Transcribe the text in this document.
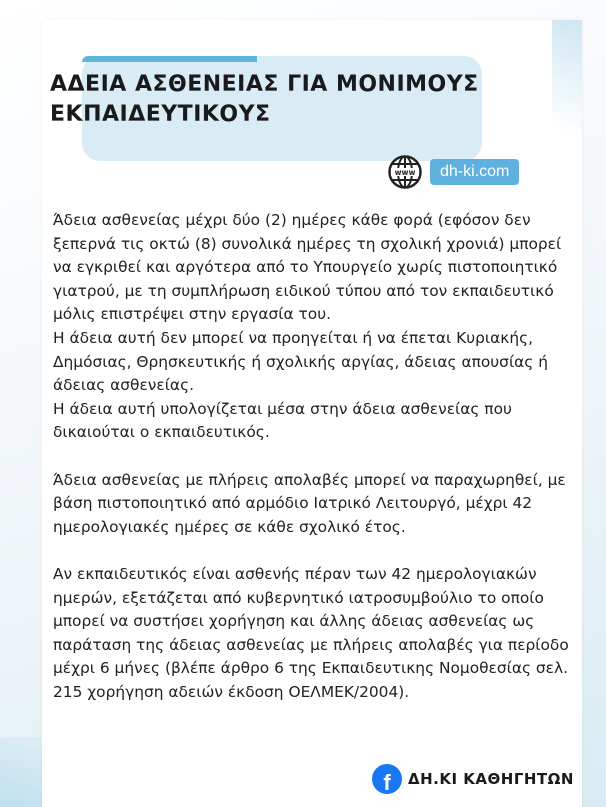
ΑΔΕΙΑ ΑΣΘΕΝΕΙΑΣ ΓΙΑ ΜΟΝΙΜΟΥΣ ΕΚΠΑΙΔΕΥΤΙΚΟΥΣ
www	dh-ki.com

Άδεια ασθενείας μέχρι δύο (2) ημέρες κάθε φορά (εφόσον δεν ξεπερνά τις οκτώ (8) συνολικά ημέρες τη σχολική χρονιά) μπορεί να εγκριθεί και αργότερα από το Υπουργείο χωρίς πιστοποιητικό γιατρού, με τη συμπλήρωση ειδικού τύπου από τον εκπαιδευτικό μόλις επιστρέψει στην εργασία του.

Η άδεια αυτή δεν μπορεί να προηγείται ή να έπεται Κυριακής, Δημόσιας, Θρησκευτικής ή σχολικής αργίας, άδειας απουσίας ή άδειας ασθενείας.

Η άδεια αυτή υπολογίζεται μέσα στην άδεια ασθενείας που δικαιούται ο εκπαιδευτικός.

Άδεια ασθενείας με πλήρεις απολαβές μπορεί να παραχωρηθεί, με βάση πιστοποιητικό από αρμόδιο Ιατρικό Λειτουργό, μέχρι 42 ημερολογιακές ημέρες σε κάθε σχολικό έτος.

Αν εκπαιδευτικός είναι ασθενής πέραν των 42 ημερολογιακών ημερών, εξετάζεται από κυβερνητικό ιατροσυμβούλιο το οποίο μπορεί να συστήσει χορήγηση και άλλης άδειας ασθενείας ως παράταση της άδειας ασθενείας με πλήρεις απολαβές για περίοδο μέχρι 6 μήνες (βλέπε άρθρο 6 της Εκπαιδευτικης Νομοθεσίας σελ. 215 χορήγηση αδειών έκδοση ΟΕΛΜΕΚ/2004).

f	ΔΗ.ΚΙ ΚΑΘΗΓΗΤΩΝ
